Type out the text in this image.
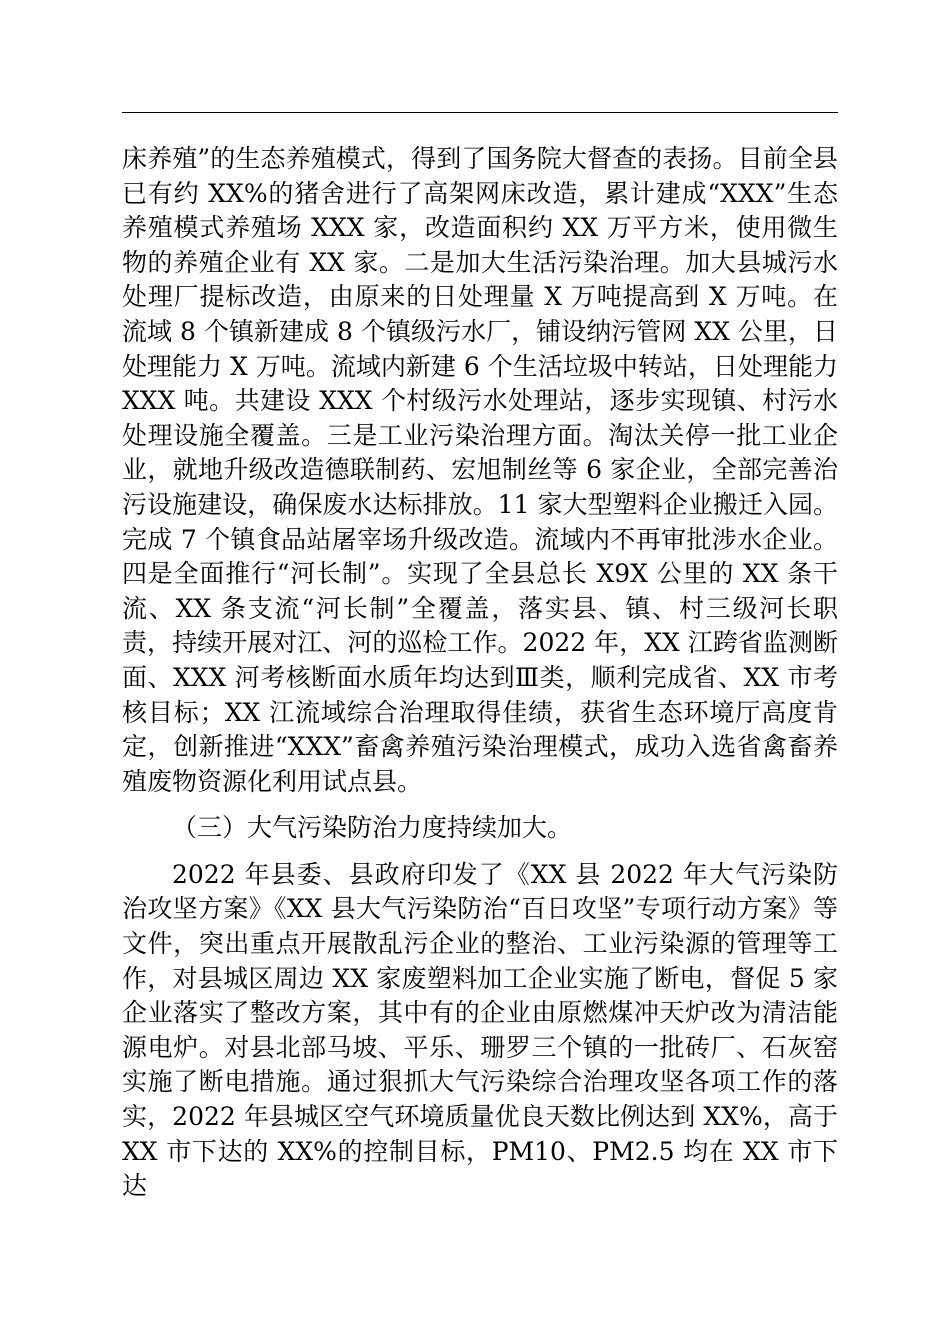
床养殖”的生态养殖模式，得到了国务院大督查的表扬。目前全县已有约 XX%的猪舍进行了高架网床改造，累计建成“XXX”生态养殖模式养殖场 XXX 家，改造面积约 XX 万平方米，使用微生物的养殖企业有 XX 家。二是加大生活污染治理。加大县城污水处理厂提标改造，由原来的日处理量 X 万吨提高到 X 万吨。在流域 8 个镇新建成 8 个镇级污水厂，铺设纳污管网 XX 公里，日处理能力 X 万吨。流域内新建 6 个生活垃圾中转站，日处理能力 XXX 吨。共建设 XXX 个村级污水处理站，逐步实现镇、村污水处理设施全覆盖。三是工业污染治理方面。淘汰关停一批工业企业，就地升级改造德联制药、宏旭制丝等 6 家企业，全部完善治污设施建设，确保废水达标排放。11 家大型塑料企业搬迁入园。完成 7 个镇食品站屠宰场升级改造。流域内不再审批涉水企业。四是全面推行“河长制”。实现了全县总长 X9X 公里的 XX 条干流、XX 条支流“河长制”全覆盖，落实县、镇、村三级河长职责，持续开展对江、河的巡检工作。2022 年，XX 江跨省监测断面、XXX 河考核断面水质年均达到Ⅲ类，顺利完成省、XX 市考核目标；XX 江流域综合治理取得佳绩，获省生态环境厅高度肯定，创新推进“XXX”畜禽养殖污染治理模式，成功入选省禽畜养殖废物资源化利用试点县。

（三）大气污染防治力度持续加大。

2022 年县委、县政府印发了《XX 县 2022 年大气污染防治攻坚方案》《XX 县大气污染防治“百日攻坚”专项行动方案》等文件，突出重点开展散乱污企业的整治、工业污染源的管理等工作，对县城区周边 XX 家废塑料加工企业实施了断电，督促 5 家企业落实了整改方案，其中有的企业由原燃煤冲天炉改为清洁能源电炉。对县北部马坡、平乐、珊罗三个镇的一批砖厂、石灰窑实施了断电措施。通过狠抓大气污染综合治理攻坚各项工作的落实，2022 年县城区空气环境质量优良天数比例达到 XX%，高于 XX 市下达的 XX%的控制目标，PM10、PM2.5 均在 XX 市下达
